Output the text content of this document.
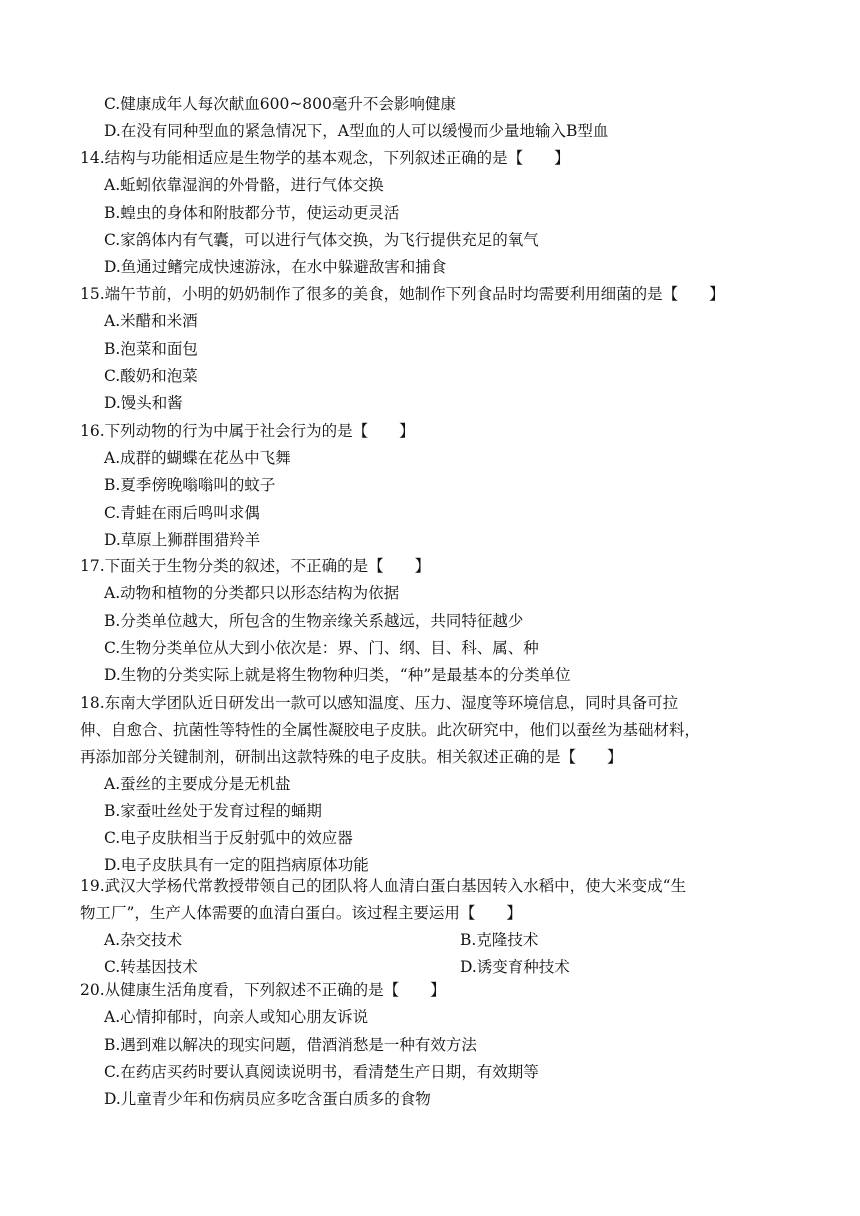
C.健康成年人每次献血600~800毫升不会影响健康
D.在没有同种型血的紧急情况下，A型血的人可以缓慢而少量地输入B型血
14.结构与功能相适应是生物学的基本观念，下列叙述正确的是【　　】
A.蚯蚓依靠湿润的外骨骼，进行气体交换
B.蝗虫的身体和附肢都分节，使运动更灵活
C.家鸽体内有气囊，可以进行气体交换，为飞行提供充足的氧气
D.鱼通过鳍完成快速游泳，在水中躲避敌害和捕食
15.端午节前，小明的奶奶制作了很多的美食，她制作下列食品时均需要利用细菌的是【　　】
A.米醋和米酒
B.泡菜和面包
C.酸奶和泡菜
D.馒头和酱
16.下列动物的行为中属于社会行为的是【　　】
A.成群的蝴蝶在花丛中飞舞
B.夏季傍晚嗡嗡叫的蚊子
C.青蛙在雨后鸣叫求偶
D.草原上狮群围猎羚羊
17.下面关于生物分类的叙述，不正确的是【　　】
A.动物和植物的分类都只以形态结构为依据
B.分类单位越大，所包含的生物亲缘关系越远，共同特征越少
C.生物分类单位从大到小依次是：界、门、纲、目、科、属、种
D.生物的分类实际上就是将生物物种归类，“种”是最基本的分类单位
18.东南大学团队近日研发出一款可以感知温度、压力、湿度等环境信息，同时具备可拉
伸、自愈合、抗菌性等特性的全属性凝胶电子皮肤。此次研究中，他们以蚕丝为基础材料，
再添加部分关键制剂，研制出这款特殊的电子皮肤。相关叙述正确的是【　　】
A.蚕丝的主要成分是无机盐
B.家蚕吐丝处于发育过程的蛹期
C.电子皮肤相当于反射弧中的效应器
D.电子皮肤具有一定的阻挡病原体功能
19.武汉大学杨代常教授带领自己的团队将人血清白蛋白基因转入水稻中，使大米变成“生
物工厂”，生产人体需要的血清白蛋白。该过程主要运用【　　】
A.杂交技术	B.克隆技术
C.转基因技术	D.诱变育种技术
20.从健康生活角度看，下列叙述不正确的是【　　】
A.心情抑郁时，向亲人或知心朋友诉说
B.遇到难以解决的现实问题，借酒消愁是一种有效方法
C.在药店买药时要认真阅读说明书，看清楚生产日期，有效期等
D.儿童青少年和伤病员应多吃含蛋白质多的食物
